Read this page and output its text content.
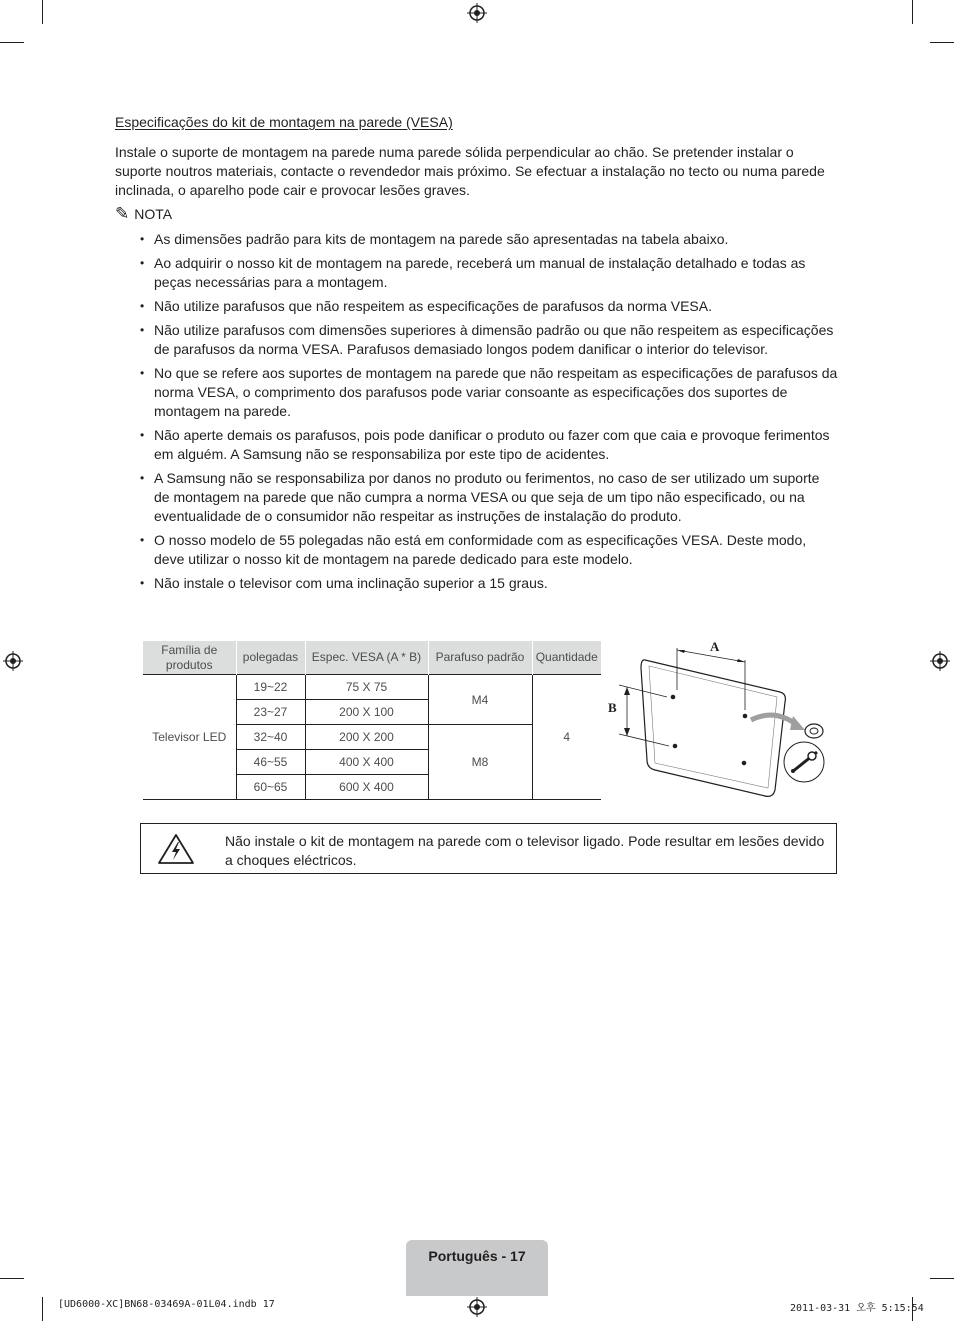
Especificações do kit de montagem na parede (VESA)
Instale o suporte de montagem na parede numa parede sólida perpendicular ao chão. Se pretender instalar o suporte noutros materiais, contacte o revendedor mais próximo. Se efectuar a instalação no tecto ou numa parede inclinada, o aparelho pode cair e provocar lesões graves.
✎ NOTA
• As dimensões padrão para kits de montagem na parede são apresentadas na tabela abaixo.
• Ao adquirir o nosso kit de montagem na parede, receberá um manual de instalação detalhado e todas as peças necessárias para a montagem.
• Não utilize parafusos que não respeitem as especificações de parafusos da norma VESA.
• Não utilize parafusos com dimensões superiores à dimensão padrão ou que não respeitem as especificações de parafusos da norma VESA. Parafusos demasiado longos podem danificar o interior do televisor.
• No que se refere aos suportes de montagem na parede que não respeitam as especificações de parafusos da norma VESA, o comprimento dos parafusos pode variar consoante as especificações dos suportes de montagem na parede.
• Não aperte demais os parafusos, pois pode danificar o produto ou fazer com que caia e provoque ferimentos em alguém. A Samsung não se responsabiliza por este tipo de acidentes.
• A Samsung não se responsabiliza por danos no produto ou ferimentos, no caso de ser utilizado um suporte de montagem na parede que não cumpra a norma VESA ou que seja de um tipo não especificado, ou na eventualidade de o consumidor não respeitar as instruções de instalação do produto.
• O nosso modelo de 55 polegadas não está em conformidade com as especificações VESA. Deste modo, deve utilizar o nosso kit de montagem na parede dedicado para este modelo.
• Não instale o televisor com uma inclinação superior a 15 graus.
Família de produtos	polegadas	Espec. VESA (A * B)	Parafuso padrão	Quantidade
Televisor LED	19~22	75 X 75	M4	4
	23~27	200 X 100		
	32~40	200 X 200	M8	
	46~55	400 X 400		
	60~65	600 X 400		
A
B
Não instale o kit de montagem na parede com o televisor ligado. Pode resultar em lesões devido a choques eléctricos.
Português - 17
[UD6000-XC]BN68-03469A-01L04.indb 17	2011-03-31 오후 5:15:54
